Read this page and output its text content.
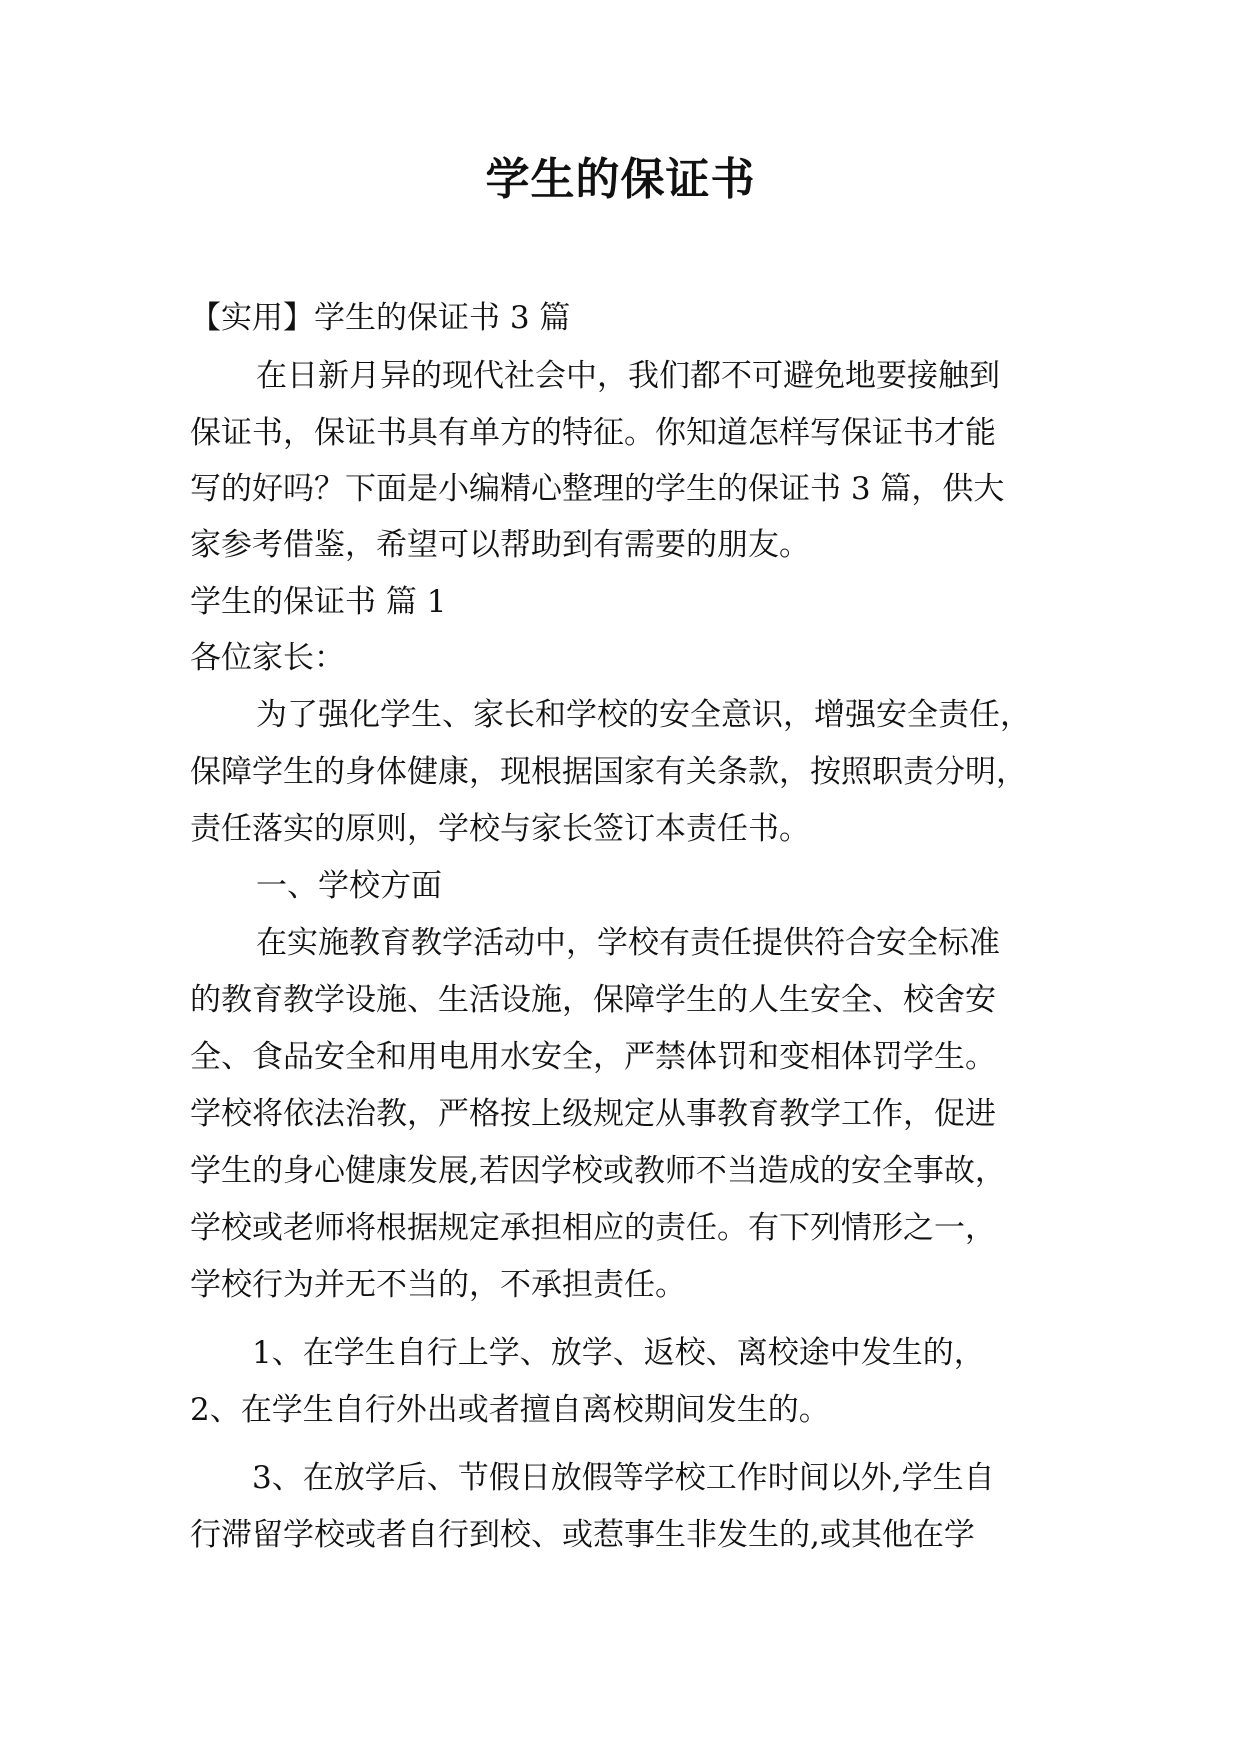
学生的保证书

【实用】学生的保证书 3 篇

在日新月异的现代社会中，我们都不可避免地要接触到

保证书，保证书具有单方的特征。你知道怎样写保证书才能

写的好吗？下面是小编精心整理的学生的保证书 3 篇，供大

家参考借鉴，希望可以帮助到有需要的朋友。

学生的保证书 篇 1

各位家长：

为了强化学生、家长和学校的安全意识，增强安全责任，

保障学生的身体健康，现根据国家有关条款，按照职责分明，

责任落实的原则，学校与家长签订本责任书。

一、学校方面

在实施教育教学活动中，学校有责任提供符合安全标准

的教育教学设施、生活设施，保障学生的人生安全、校舍安

全、食品安全和用电用水安全，严禁体罚和变相体罚学生。

学校将依法治教，严格按上级规定从事教育教学工作，促进

学生的身心健康发展,若因学校或教师不当造成的安全事故，

学校或老师将根据规定承担相应的责任。有下列情形之一，

学校行为并无不当的，不承担责任。

1、在学生自行上学、放学、返校、离校途中发生的，

2、在学生自行外出或者擅自离校期间发生的。

3、在放学后、节假日放假等学校工作时间以外,学生自

行滞留学校或者自行到校、或惹事生非发生的,或其他在学
